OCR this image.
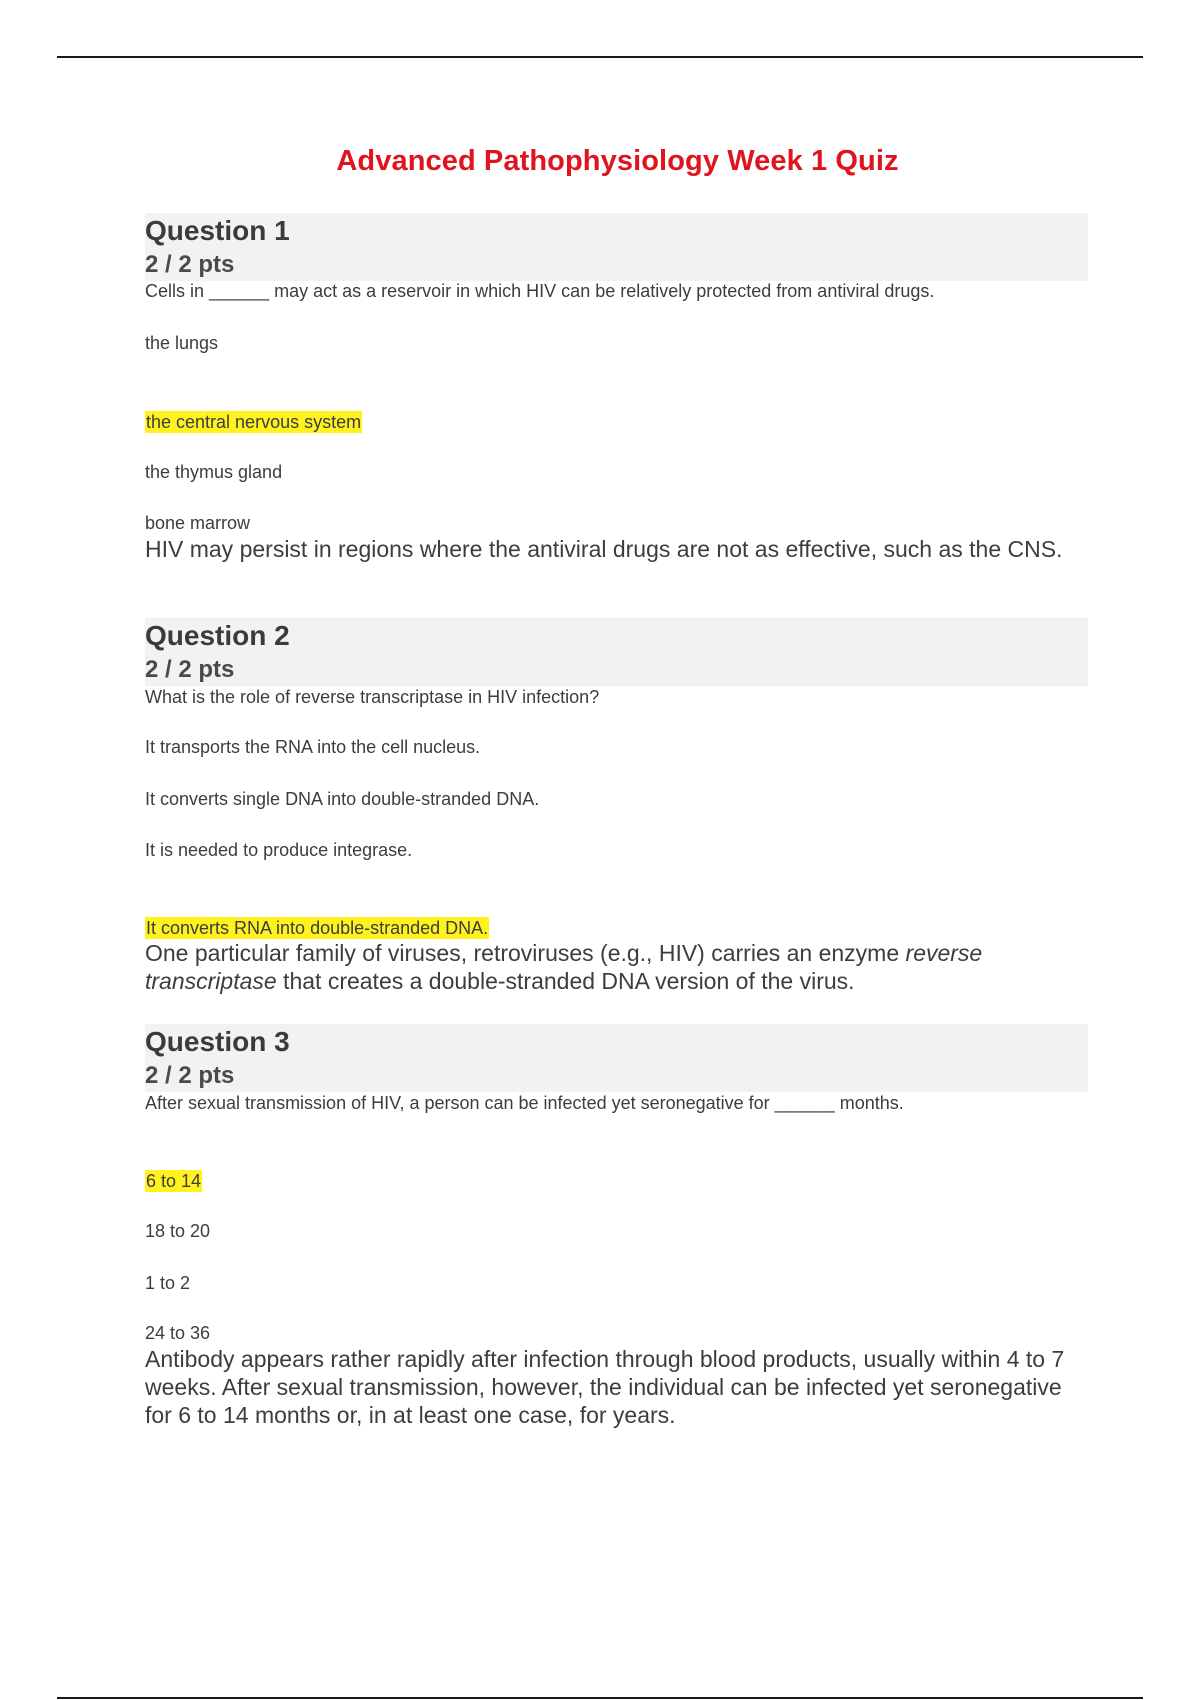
Advanced Pathophysiology Week 1 Quiz
Question 1
2 / 2 pts
Cells in ______ may act as a reservoir in which HIV can be relatively protected from antiviral drugs.
the lungs
the central nervous system
the thymus gland
bone marrow
HIV may persist in regions where the antiviral drugs are not as effective, such as the CNS.
Question 2
2 / 2 pts
What is the role of reverse transcriptase in HIV infection?
It transports the RNA into the cell nucleus.
It converts single DNA into double-stranded DNA.
It is needed to produce integrase.
It converts RNA into double-stranded DNA.
One particular family of viruses, retroviruses (e.g., HIV) carries an enzyme reverse transcriptase that creates a double-stranded DNA version of the virus.
Question 3
2 / 2 pts
After sexual transmission of HIV, a person can be infected yet seronegative for ______ months.
6 to 14
18 to 20
1 to 2
24 to 36
Antibody appears rather rapidly after infection through blood products, usually within 4 to 7 weeks. After sexual transmission, however, the individual can be infected yet seronegative for 6 to 14 months or, in at least one case, for years.
